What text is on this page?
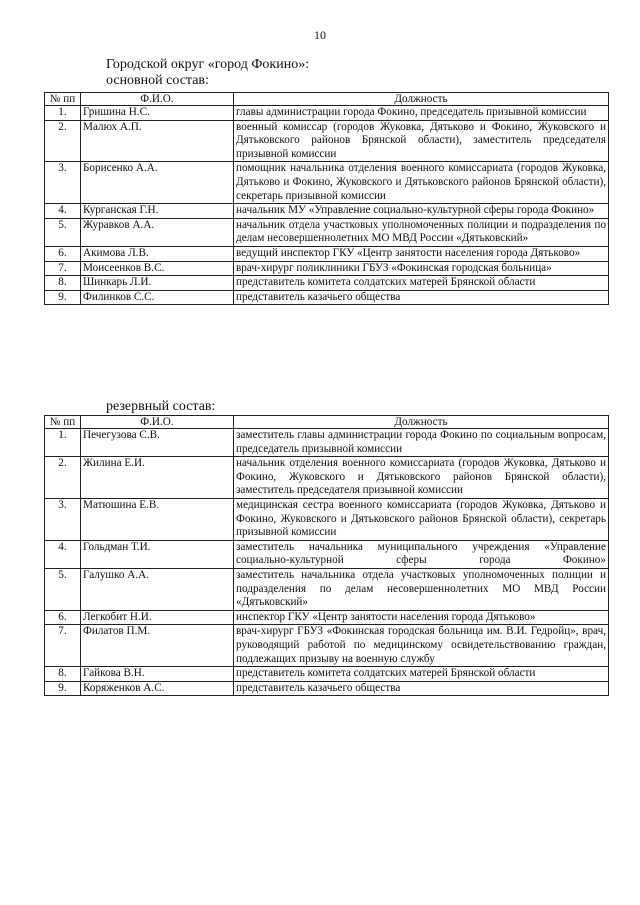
10
Городской округ «город Фокино»:
основной состав:
№ пп	Ф.И.О.	Должность
1.	Гришина Н.С.	главы администрации города Фокино, председатель призывной комиссии
2.	Малюх А.П.	военный комиссар (городов Жуковка, Дятьково и Фокино, Жуковского и Дятьковского районов Брянской области), заместитель председателя призывной комиссии
3.	Борисенко А.А.	помощник начальника отделения военного комиссариата (городов Жуковка, Дятьково и Фокино, Жуковского и Дятьковского районов Брянской области), секретарь призывной комиссии
4.	Курганская Г.Н.	начальник МУ «Управление социально-культурной сферы города Фокино»
5.	Журавков А.А.	начальник отдела участковых уполномоченных полиции и подразделения по делам несовершеннолетних МО МВД России «Дятьковский»
6.	Акимова Л.В.	ведущий инспектор ГКУ «Центр занятости населения города Дятьково»
7.	Моисеенков В.С.	врач-хирург поликлиники ГБУЗ «Фокинская городская больница»
8.	Шинкарь Л.И.	представитель комитета солдатских матерей Брянской области
9.	Филинков С.С.	представитель казачьего общества
резервный состав:
№ пп	Ф.И.О.	Должность
1.	Печегузова С.В.	заместитель главы администрации города Фокино по социальным вопросам, председатель призывной комиссии
2.	Жилина Е.И.	начальник отделения военного комиссариата (городов Жуковка, Дятьково и Фокино, Жуковского и Дятьковского районов Брянской области), заместитель председателя призывной комиссии
3.	Матюшина Е.В.	медицинская сестра военного комиссариата (городов Жуковка, Дятьково и Фокино, Жуковского и Дятьковского районов Брянской области), секретарь призывной комиссии
4.	Гольдман Т.И.	заместитель начальника муниципального учреждения «Управление социально-культурной сферы города Фокино»
5.	Галушко А.А.	заместитель начальника отдела участковых уполномоченных полиции и подразделения по делам несовершеннолетних МО МВД России «Дятьковский»
6.	Легкобит Н.И.	инспектор ГКУ «Центр занятости населения города Дятьково»
7.	Филатов П.М.	врач-хирург ГБУЗ «Фокинская городская больница им. В.И. Гедройц», врач, руководящий работой по медицинскому освидетельствованию граждан, подлежащих призыву на военную службу
8.	Гайкова В.Н.	представитель комитета солдатских матерей Брянской области
9.	Коряженков А.С.	представитель казачьего общества
